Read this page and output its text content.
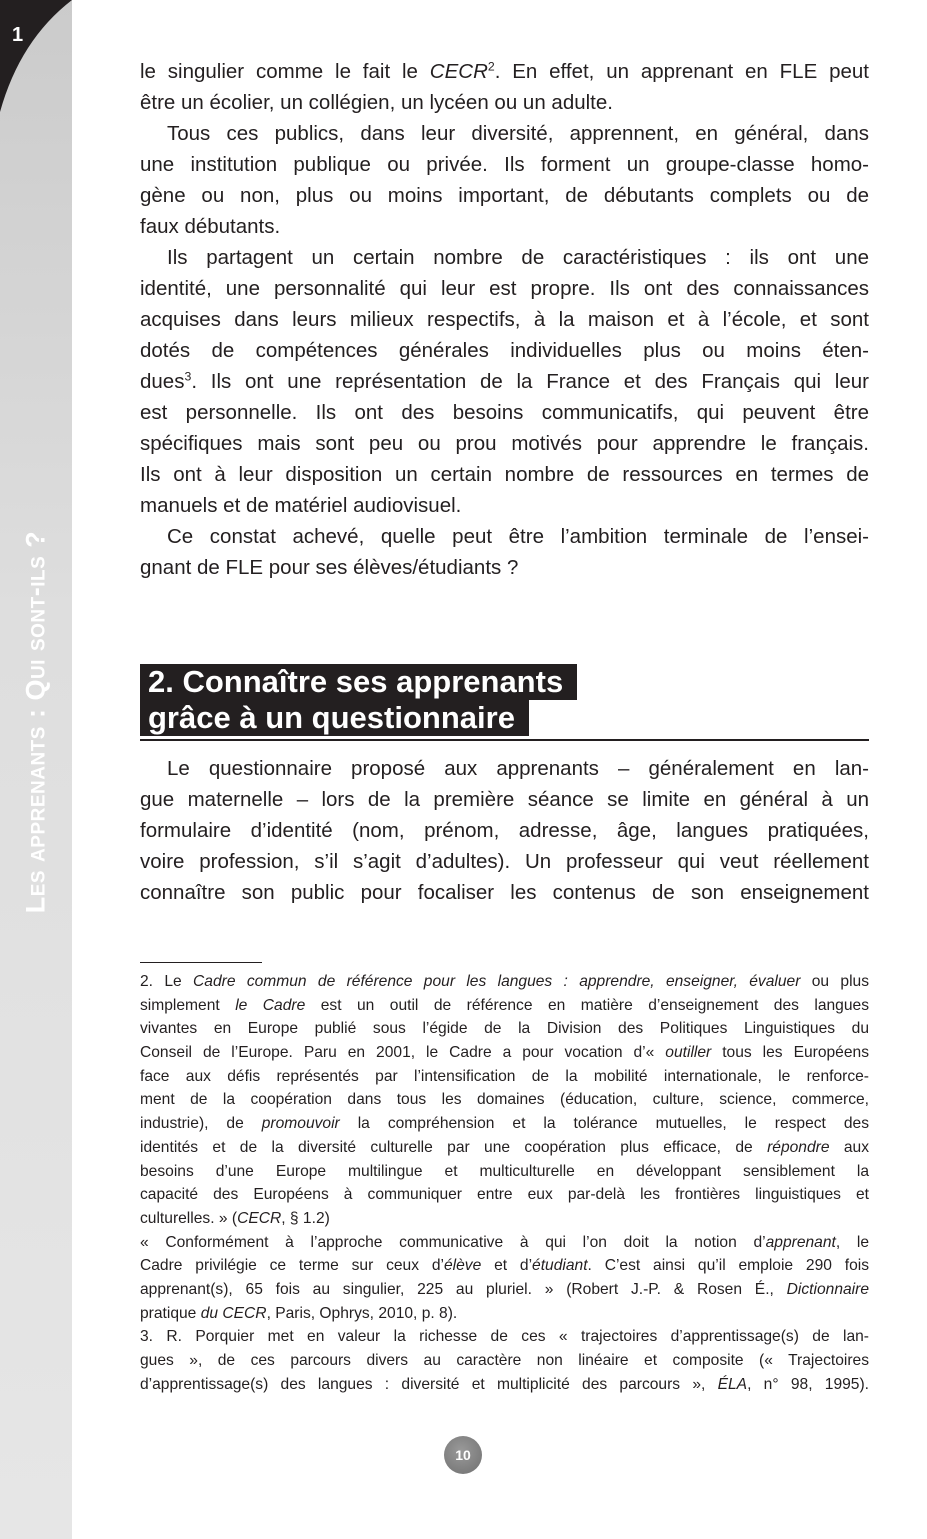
1
Les apprenants : Qui sont-ils ?
le singulier comme le fait le CECR$^2$. En effet, un apprenant en FLE peut
être un écolier, un collégien, un lycéen ou un adulte.
Tous ces publics, dans leur diversité, apprennent, en général, dans
une institution publique ou privée. Ils forment un groupe-classe homo-
gène ou non, plus ou moins important, de débutants complets ou de
faux débutants.
Ils partagent un certain nombre de caractéristiques : ils ont une
identité, une personnalité qui leur est propre. Ils ont des connaissances
acquises dans leurs milieux respectifs, à la maison et à l’école, et sont
dotés de compétences générales individuelles plus ou moins éten-
dues$^3$. Ils ont une représentation de la France et des Français qui leur
est personnelle. Ils ont des besoins communicatifs, qui peuvent être
spécifiques mais sont peu ou prou motivés pour apprendre le français.
Ils ont à leur disposition un certain nombre de ressources en termes de
manuels et de matériel audiovisuel.
Ce constat achevé, quelle peut être l’ambition terminale de l’ensei-
gnant de FLE pour ses élèves/étudiants ?
2. Connaître ses apprenants
grâce à un questionnaire
Le questionnaire proposé aux apprenants – généralement en lan-
gue maternelle – lors de la première séance se limite en général à un
formulaire d’identité (nom, prénom, adresse, âge, langues pratiquées,
voire profession, s’il s’agit d’adultes). Un professeur qui veut réellement
connaître son public pour focaliser les contenus de son enseignement
2. Le Cadre commun de référence pour les langues : apprendre, enseigner, évaluer ou plus
simplement le Cadre est un outil de référence en matière d’enseignement des langues
vivantes en Europe publié sous l’égide de la Division des Politiques Linguistiques du
Conseil de l’Europe. Paru en 2001, le Cadre a pour vocation d’« outiller tous les Européens
face aux défis représentés par l’intensification de la mobilité internationale, le renforce-
ment de la coopération dans tous les domaines (éducation, culture, science, commerce,
industrie), de promouvoir la compréhension et la tolérance mutuelles, le respect des
identités et de la diversité culturelle par une coopération plus efficace, de répondre aux
besoins d’une Europe multilingue et multiculturelle en développant sensiblement la
capacité des Européens à communiquer entre eux par-delà les frontières linguistiques et
culturelles. » (CECR, § 1.2)
« Conformément à l’approche communicative à qui l’on doit la notion d’apprenant, le
Cadre privilégie ce terme sur ceux d’élève et d’étudiant. C’est ainsi qu’il emploie 290 fois
apprenant(s), 65 fois au singulier, 225 au pluriel. » (Robert J.-P. & Rosen É., Dictionnaire
pratique du CECR, Paris, Ophrys, 2010, p. 8).
3. R. Porquier met en valeur la richesse de ces « trajectoires d’apprentissage(s) de lan-
gues », de ces parcours divers au caractère non linéaire et composite (« Trajectoires
d’apprentissage(s) des langues : diversité et multiplicité des parcours », ÉLA, n° 98, 1995).
10
